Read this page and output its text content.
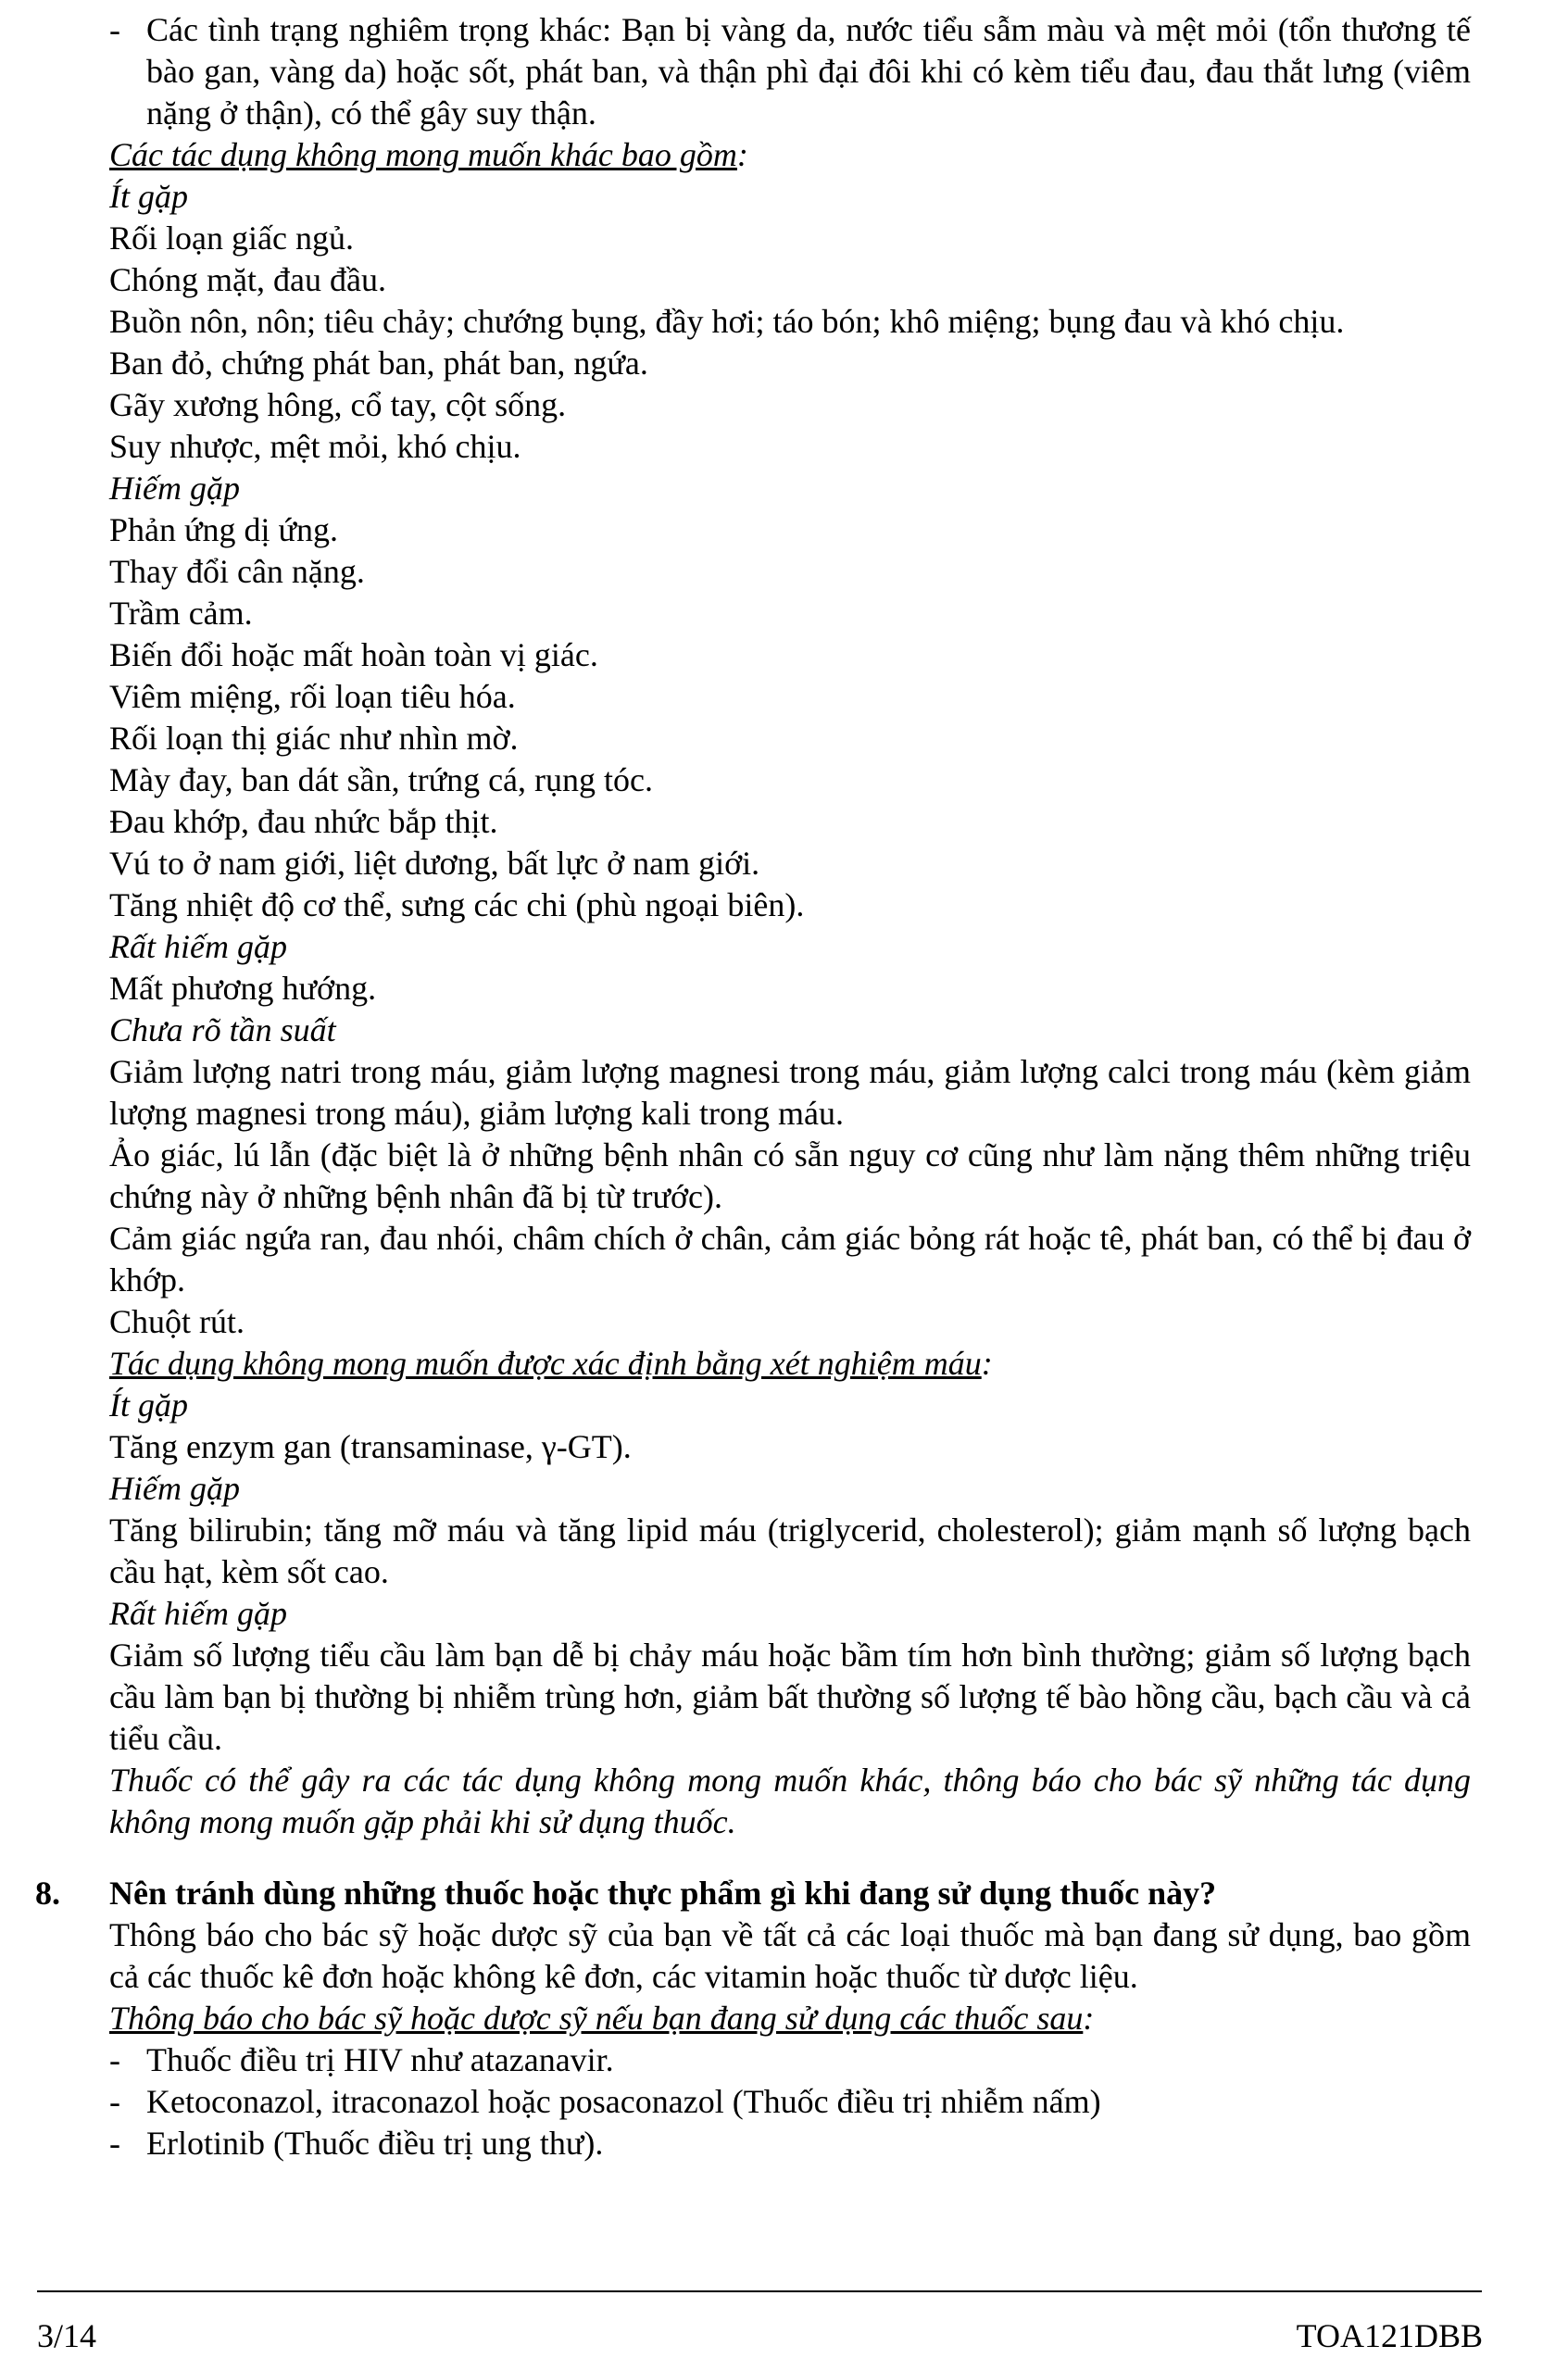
- Các tình trạng nghiêm trọng khác: Bạn bị vàng da, nước tiểu sẫm màu và mệt mỏi (tổn thương tế bào gan, vàng da) hoặc sốt, phát ban, và thận phì đại đôi khi có kèm tiểu đau, đau thắt lưng (viêm nặng ở thận), có thể gây suy thận.
Các tác dụng không mong muốn khác bao gồm:
Ít gặp
Rối loạn giấc ngủ.
Chóng mặt, đau đầu.
Buồn nôn, nôn; tiêu chảy; chướng bụng, đầy hơi; táo bón; khô miệng; bụng đau và khó chịu.
Ban đỏ, chứng phát ban, phát ban, ngứa.
Gãy xương hông, cổ tay, cột sống.
Suy nhược, mệt mỏi, khó chịu.
Hiếm gặp
Phản ứng dị ứng.
Thay đổi cân nặng.
Trầm cảm.
Biến đổi hoặc mất hoàn toàn vị giác.
Viêm miệng, rối loạn tiêu hóa.
Rối loạn thị giác như nhìn mờ.
Mày đay, ban dát sần, trứng cá, rụng tóc.
Đau khớp, đau nhức bắp thịt.
Vú to ở nam giới, liệt dương, bất lực ở nam giới.
Tăng nhiệt độ cơ thể, sưng các chi (phù ngoại biên).
Rất hiếm gặp
Mất phương hướng.
Chưa rõ tần suất
Giảm lượng natri trong máu, giảm lượng magnesi trong máu, giảm lượng calci trong máu (kèm giảm lượng magnesi trong máu), giảm lượng kali trong máu.
Ảo giác, lú lẫn (đặc biệt là ở những bệnh nhân có sẵn nguy cơ cũng như làm nặng thêm những triệu chứng này ở những bệnh nhân đã bị từ trước).
Cảm giác ngứa ran, đau nhói, châm chích ở chân, cảm giác bỏng rát hoặc tê, phát ban, có thể bị đau ở khớp.
Chuột rút.
Tác dụng không mong muốn được xác định bằng xét nghiệm máu:
Ít gặp
Tăng enzym gan (transaminase, γ-GT).
Hiếm gặp
Tăng bilirubin; tăng mỡ máu và tăng lipid máu (triglycerid, cholesterol); giảm mạnh số lượng bạch cầu hạt, kèm sốt cao.
Rất hiếm gặp
Giảm số lượng tiểu cầu làm bạn dễ bị chảy máu hoặc bầm tím hơn bình thường; giảm số lượng bạch cầu làm bạn bị thường bị nhiễm trùng hơn, giảm bất thường số lượng tế bào hồng cầu, bạch cầu và cả tiểu cầu.
Thuốc có thể gây ra các tác dụng không mong muốn khác, thông báo cho bác sỹ những tác dụng không mong muốn gặp phải khi sử dụng thuốc.
8. Nên tránh dùng những thuốc hoặc thực phẩm gì khi đang sử dụng thuốc này?
Thông báo cho bác sỹ hoặc dược sỹ của bạn về tất cả các loại thuốc mà bạn đang sử dụng, bao gồm cả các thuốc kê đơn hoặc không kê đơn, các vitamin hoặc thuốc từ dược liệu.
Thông báo cho bác sỹ hoặc dược sỹ nếu bạn đang sử dụng các thuốc sau:
- Thuốc điều trị HIV như atazanavir.
- Ketoconazol, itraconazol hoặc posaconazol (Thuốc điều trị nhiễm nấm)
- Erlotinib (Thuốc điều trị ung thư).
3/14	TOA121DBB
